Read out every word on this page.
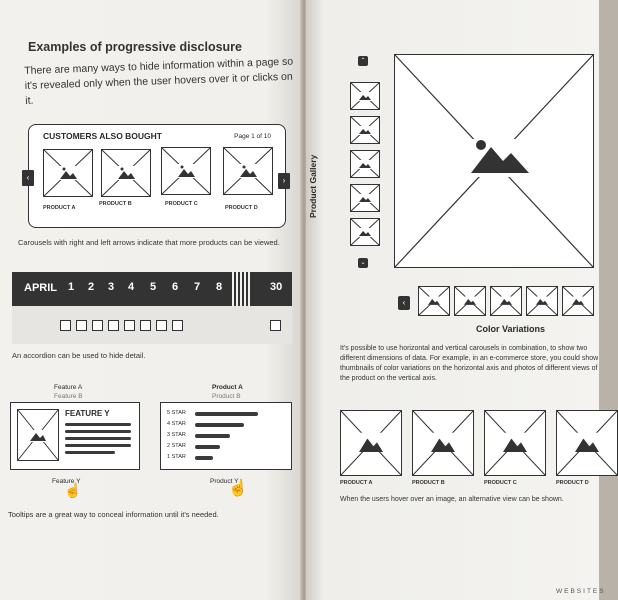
Examples of progressive disclosure
There are many ways to hide information within a page so it's revealed only when the user hovers over it or clicks on it.
CUSTOMERS ALSO BOUGHT	Page 1 of 10
PRODUCT A
PRODUCT B	PRODUCT C
PRODUCT D
‹	›
Carousels with right and left arrows indicate that more products can be viewed.
APRIL 1 2 3 4 5 6 7 8	30
An accordion can be used to hide detail.
Feature A
Feature B
Product A
Product B
FEATURE Y	5 STAR
4 STAR
3 STAR
2 STAR
1 STAR
Feature Y	Product Y
☝	☝
Tooltips are a great way to conceal information until it's needed.
Product Gallery
⌃
⌄
‹
Color Variations
It's possible to use horizontal and vertical carousels in combination, to show two different dimensions of data. For example, in an e-commerce store, you could show thumbnails of color variations on the horizontal axis and photos of different views of the product on the vertical axis.
PRODUCT A	PRODUCT B	PRODUCT C	PRODUCT D
When the users hover over an image, an alternative view can be shown.
WEBSITES
